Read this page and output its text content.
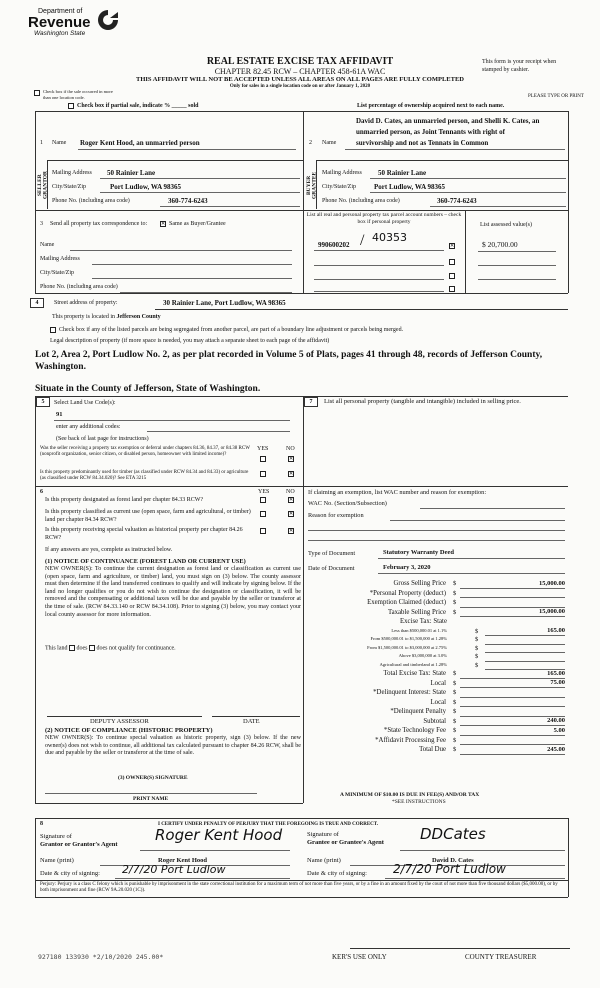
Department of
Revenue
Washington State
REAL ESTATE EXCISE TAX AFFIDAVIT
CHAPTER 82.45 RCW – CHAPTER 458-61A WAC
THIS AFFIDAVIT WILL NOT BE ACCEPTED UNLESS ALL AREAS ON ALL PAGES ARE FULLY COMPLETED
Only for sales in a single location code on or after January 1, 2020
This form is your receipt when stamped by cashier.
PLEASE TYPE OR PRINT
Check box if the sale occurred in more than one location code.
Check box if partial sale, indicate % _____ sold	List percentage of ownership acquired next to each name.
1
SELLER GRANTOR
Name Roger Kent Hood, an unmarried person
Mailing Address 50 Rainier Lane
City/State/Zip	Port Ludlow, WA 98365
Phone No. (including area code)	360-774-6243
2
BUYER GRANTEE
Name
David D. Cates, an unmarried person, and Shelli K. Cates, an
unmarried person, as Joint Tennants with right of
survivorship and not as Tennats in Common
Mailing Address 50 Rainier Lane
City/State/Zip	Port Ludlow, WA 98365
Phone No. (including area code)	360-774-6243
3 Send all property tax correspondence to: ✕	Same as Buyer/Grantee
Name
Mailing Address
City/State/Zip
Phone No. (including area code)
List all real and personal property tax parcel account numbers – check box if personal property
List assessed value(s)
990600202
40353
/ ✕	$ 20,700.00
4	Street address of property:	30 Rainier Lane, Port Ludlow, WA 98365
This property is located in Jefferson County
Check box if any of the listed parcels are being segregated from another parcel, are part of a boundary line adjustment or parcels being merged.
Legal description of property (if more space is needed, you may attach a separate sheet to each page of the affidavit)
Lot 2, Area 2, Port Ludlow No. 2, as per plat recorded in Volume 5 of Plats, pages 41 through 48, records of Jefferson County,
Washington.
Situate in the County of Jefferson, State of Washington.
5	Select Land Use Code(s):
91
enter any additional codes:
(See back of last page for instructions)
YES	NO
Was the seller receiving a property tax exemption or deferral under chapters 84.36, 84.37, or 84.38 RCW (nonprofit organization, senior citizen, or disabled person, homeowner with limited income)?
✕
Is this property predominantly used for timber (as classified under RCW 84.34 and 84.33) or agriculture (as classified under RCW 84.34.020)? See ETA 3215
✕
6	YES	NO
Is this property designated as forest land per chapter 84.33 RCW?
✕
Is this property classified as current use (open space, farm and agricultural, or timber) land per chapter 84.34 RCW?
✕
Is this property receiving special valuation as historical property per chapter 84.26 RCW?
✕
If any answers are yes, complete as instructed below.
(1) NOTICE OF CONTINUANCE (FOREST LAND OR CURRENT USE)
NEW OWNER(S): To continue the current designation as forest land or classification as current use (open space, farm and agriculture, or timber) land, you must sign on (3) below. The county assessor must then determine if the land transferred continues to qualify and will indicate by signing below. If the land no longer qualifies or you do not wish to continue the designation or classification, it will be removed and the compensating or additional taxes will be due and payable by the seller or transferor at the time of sale. (RCW 84.33.140 or RCW 84.34.108). Prior to signing (3) below, you may contact your local county assessor for more information.
This land does does not qualify for continuance.
DEPUTY ASSESSOR	DATE
(2) NOTICE OF COMPLIANCE (HISTORIC PROPERTY)
NEW OWNER(S): To continue special valuation as historic property, sign (3) below. If the new owner(s) does not wish to continue, all additional tax calculated pursuant to chapter 84.26 RCW, shall be due and payable by the seller or transferor at the time of sale.
(3) OWNER(S) SIGNATURE
PRINT NAME
7	List all personal property (tangible and intangible) included in selling price.
If claiming an exemption, list WAC number and reason for exemption:
WAC No. (Section/Subsection)
Reason for exemption
Type of Document	Statutory Warranty Deed
Date of Document	February 3, 2020
Gross Selling Price $	15,000.00
*Personal Property (deduct) $
Exemption Claimed (deduct) $
Taxable Selling Price $	15,000.00
Excise Tax: State
Less than $500,000.01 at 1.1%	$	165.00
From $500,000.01 to $1,500,000 at 1.28%	$
From $1,500,000.01 to $3,000,000 at 2.75%	$
Above $3,000,000 at 3.0%	$
Agricultural and timberland at 1.28%	$
Total Excise Tax: State $	165.00
Local $	75.00
*Delinquent Interest: State $
Local $
*Delinquent Penalty $
Subtotal $	240.00
*State Technology Fee $	5.00
*Affidavit Processing Fee $
Total Due $	245.00
A MINIMUM OF $10.00 IS DUE IN FEE(S) AND/OR TAX
*SEE INSTRUCTIONS
8	I CERTIFY UNDER PENALTY OF PERJURY THAT THE FOREGOING IS TRUE AND CORRECT.
Signature of
Grantor or Grantor's Agent
Roger Kent Hood	Signature of
Grantee or Grantee's Agent DDCates
Name (print)	Roger Kent Hood	Name (print)	David D. Cates
Date & city of signing: 2/7/20 Port Ludlow	Date & city of signing: 2/7/20 Port Ludlow
Perjury: Perjury is a class C felony which is punishable by imprisonment in the state correctional institution for a maximum term of not more than five years, or by a fine in an amount fixed by the court of not more than five thousand dollars ($5,000.00), or by both imprisonment and fine (RCW 9A.20.020 (1C)).
927180 133930 *2/10/2020 245.00*	KER'S USE ONLY	COUNTY TREASURER
